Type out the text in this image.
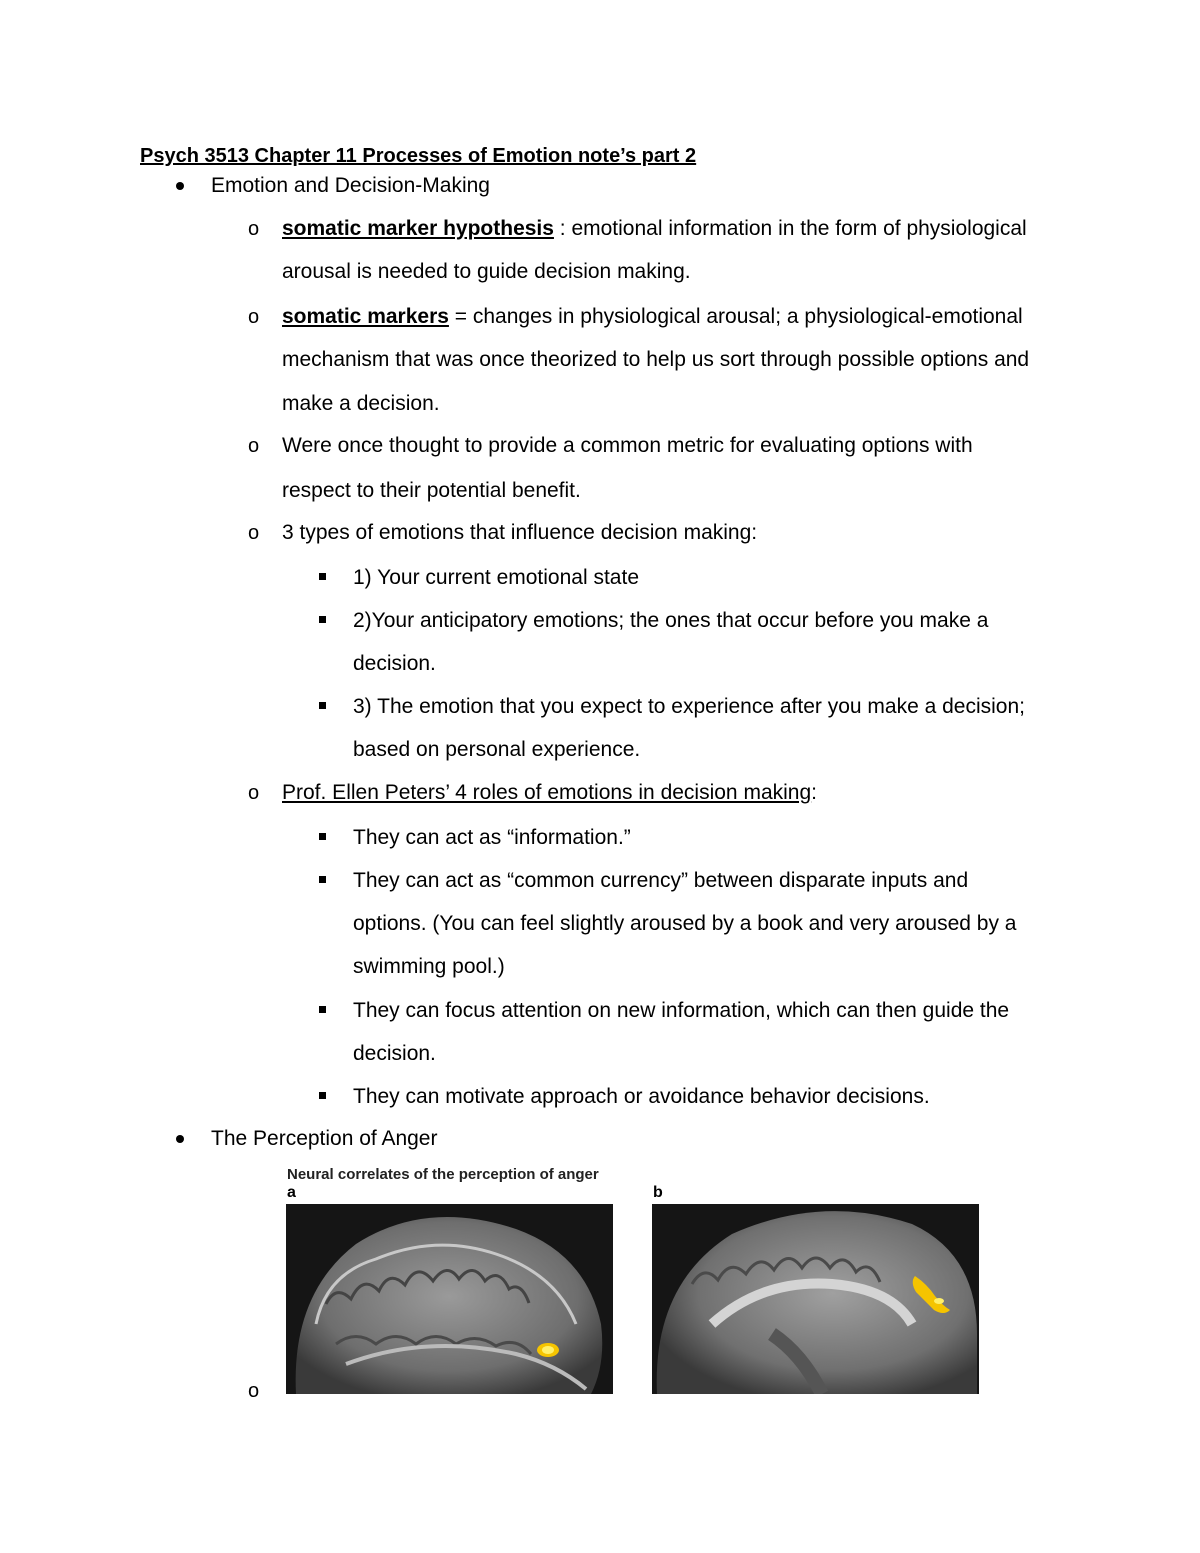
Psych 3513 Chapter 11 Processes of Emotion note’s part 2
Emotion and Decision-Making
o somatic marker hypothesis : emotional information in the form of physiological
arousal is needed to guide decision making.
o somatic markers = changes in physiological arousal; a physiological-emotional
mechanism that was once theorized to help us sort through possible options and
make a decision.
o Were once thought to provide a common metric for evaluating options with
respect to their potential benefit.
o 3 types of emotions that influence decision making:
1) Your current emotional state
2)Your anticipatory emotions; the ones that occur before you make a
decision.
3) The emotion that you expect to experience after you make a decision;
based on personal experience.
o Prof. Ellen Peters’ 4 roles of emotions in decision making:
They can act as “information.”
They can act as “common currency” between disparate inputs and
options. (You can feel slightly aroused by a book and very aroused by a
swimming pool.)
They can focus attention on new information, which can then guide the
decision.
They can motivate approach or avoidance behavior decisions.
The Perception of Anger
Neural correlates of the perception of anger
a	b
o
